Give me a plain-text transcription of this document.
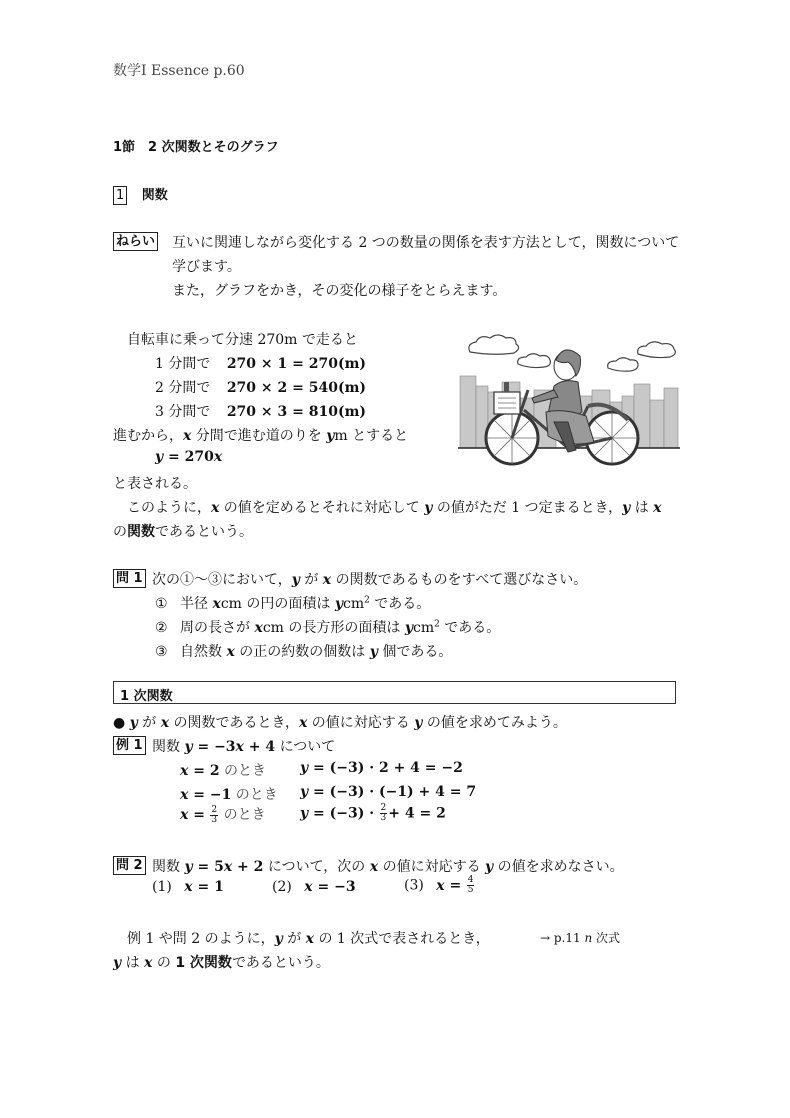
数学Ⅰ Essence p.60
1節　2 次関数とそのグラフ
1 関数
ねらい 互いに関連しながら変化する 2 つの数量の関係を表す方法として，関数について
学びます。
また，グラフをかき，その変化の様子をとらえます。
自転車に乗って分速 270m で走ると
1 分間で 270 × 1 = 270(m)
2 分間で 270 × 2 = 540(m)
3 分間で 270 × 3 = 810(m)
進むから，x 分間で進む道のりを ym とすると
y = 270x
と表される。
このように，x の値を定めるとそれに対応して y の値がただ 1 つ定まるとき，y は x
の関数であるという。
問 1 次の①～③において，y が x の関数であるものをすべて選びなさい。
① 半径 xcm の円の面積は ycm$^2$ である。
② 周の長さが xcm の長方形の面積は ycm$^2$ である。
③ 自然数 x の正の約数の個数は y 個である。
1 次関数
● y が x の関数であるとき，x の値に対応する y の値を求めてみよう。
例 1 関数 y = −3x + 4 について
x = 2 のとき y = (−3) · 2 + 4 = −2
x = −1 のとき y = (−3) · (−1) + 4 = 7
$x = \frac{2}{3}$ のとき $y = (-3) \cdot \frac{2}{3} + 4 = 2$
問 2 関数 y = 5x + 2 について，次の x の値に対応する y の値を求めなさい。
(1) x = 1	(2) x = −3	(3) $x = \frac{4}{5}$
例 1 や問 2 のように，y が x の 1 次式で表されるとき，	→ p.11 n 次式
y は x の 1 次関数であるという。
